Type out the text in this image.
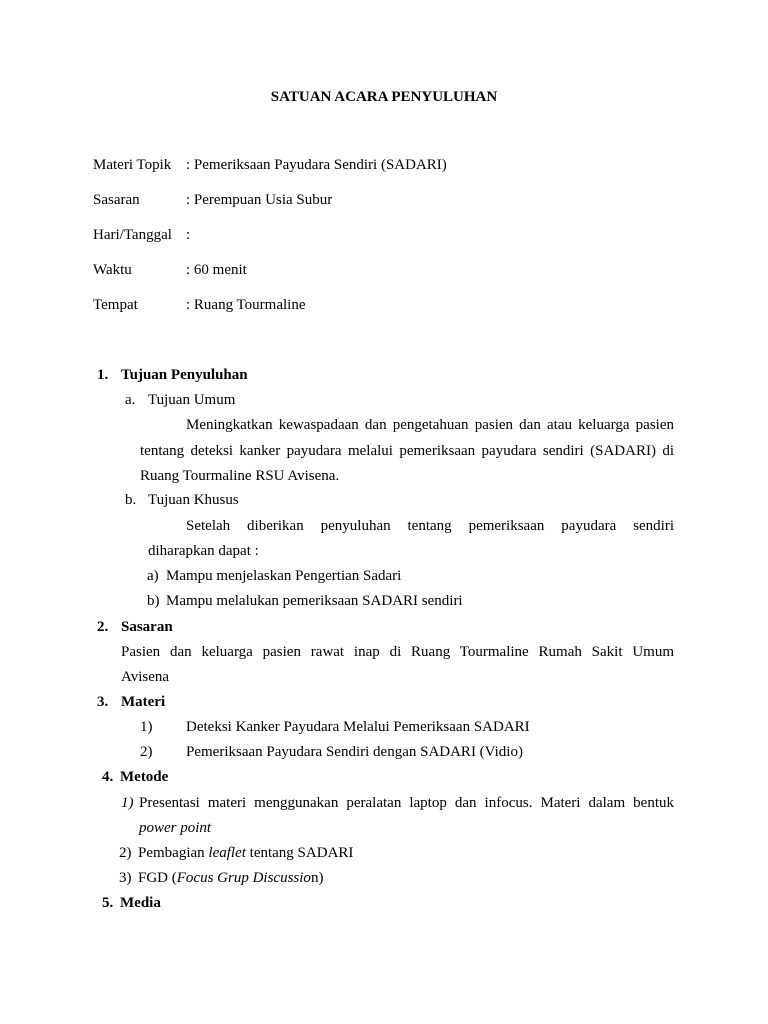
SATUAN ACARA PENYULUHAN
Materi Topik : Pemeriksaan Payudara Sendiri (SADARI)
Sasaran	: Perempuan Usia Subur
Hari/Tanggal :
Waktu	: 60 menit
Tempat	: Ruang Tourmaline
1. Tujuan Penyuluhan
a. Tujuan Umum
Meningkatkan kewaspadaan dan pengetahuan pasien dan atau keluarga pasien
tentang deteksi kanker payudara melalui pemeriksaan payudara sendiri (SADARI) di
Ruang Tourmaline RSU Avisena.
b. Tujuan Khusus
Setelah diberikan penyuluhan tentang pemeriksaan payudara sendiri
diharapkan dapat :
a) Mampu menjelaskan Pengertian Sadari
b) Mampu melalukan pemeriksaan SADARI sendiri
2. Sasaran
Pasien dan keluarga pasien rawat inap di Ruang Tourmaline Rumah Sakit Umum
Avisena
3. Materi
1) Deteksi Kanker Payudara Melalui Pemeriksaan SADARI
2) Pemeriksaan Payudara Sendiri dengan SADARI (Vidio)
4. Metode
1) Presentasi materi menggunakan peralatan laptop dan infocus. Materi dalam bentuk
power point
2) Pembagian leaflet tentang SADARI
3) FGD (Focus Grup Discussion)
5. Media
